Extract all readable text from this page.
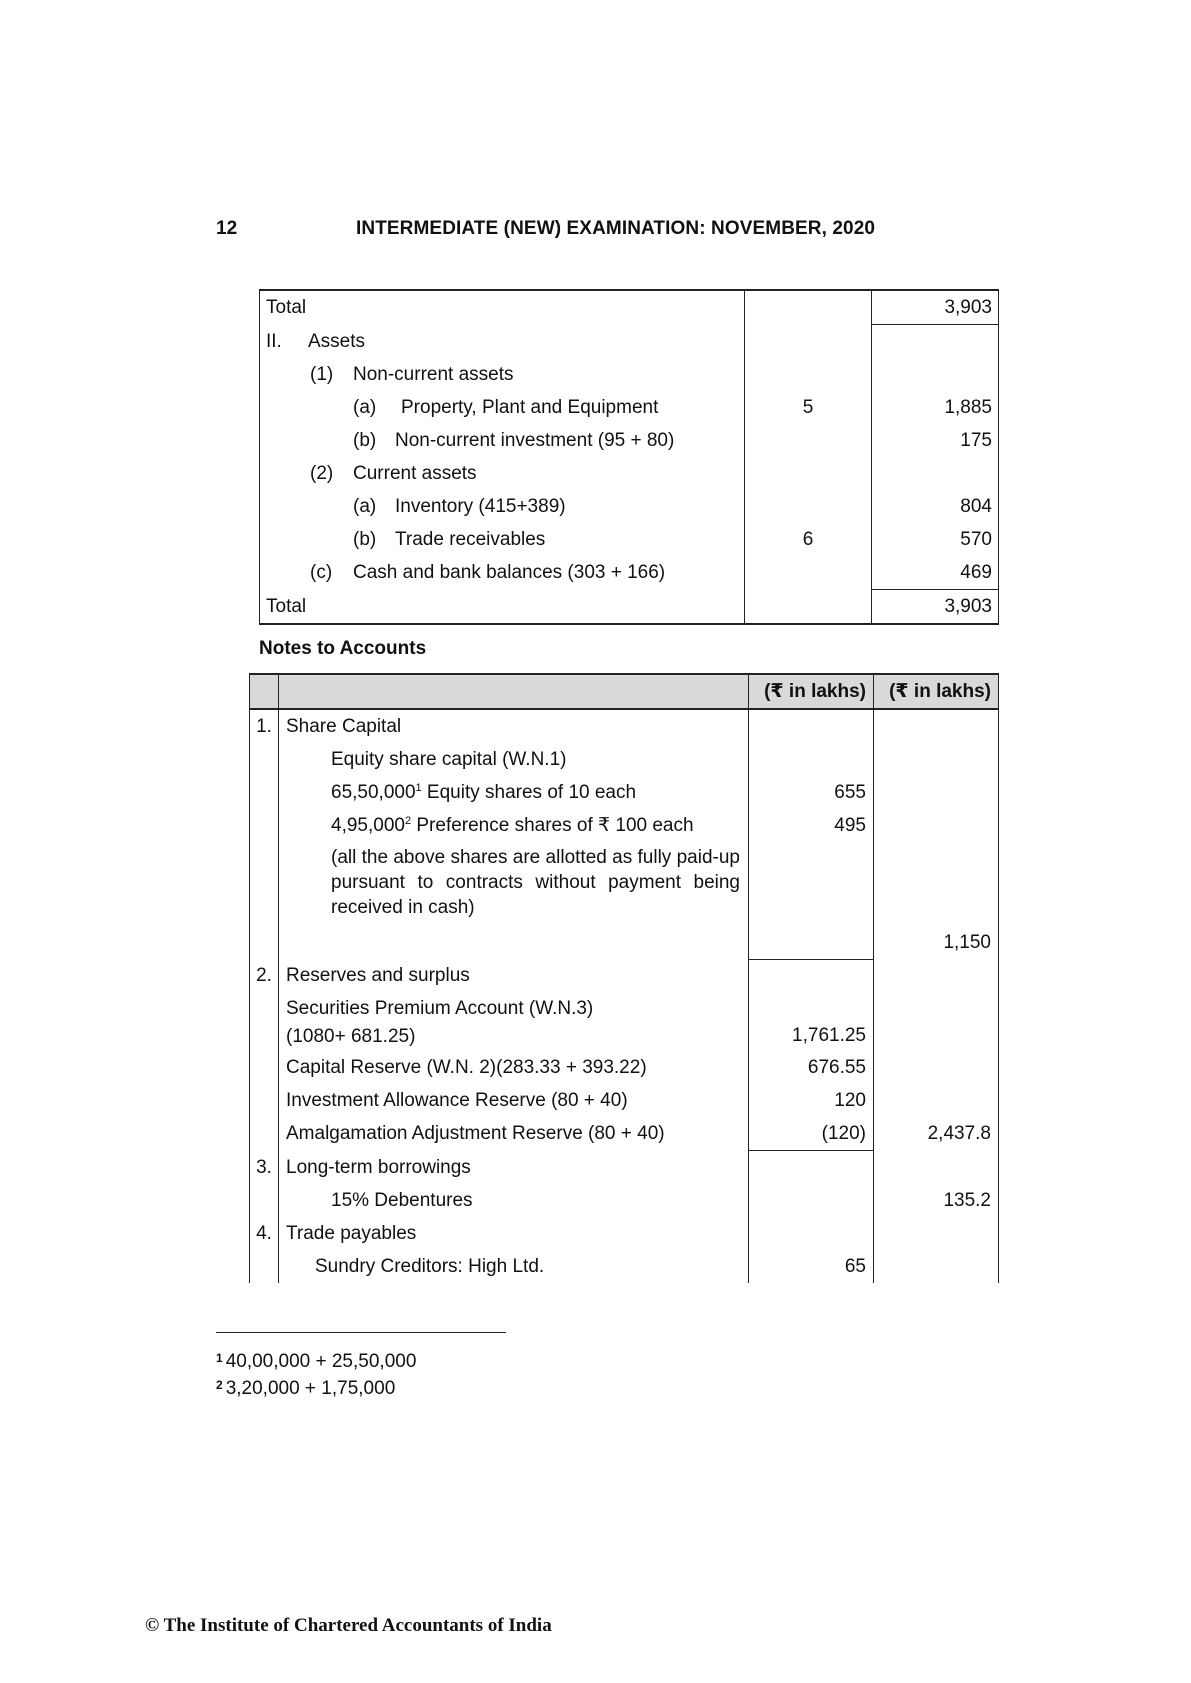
12	INTERMEDIATE (NEW) EXAMINATION: NOVEMBER, 2020
Total		3,903
II. Assets		
(1) Non-current assets		
(a) Property, Plant and Equipment	5	1,885
(b) Non-current investment (95 + 80)		175
(2) Current assets		
(a) Inventory (415+389)		804
(b) Trade receivables	6	570
(c) Cash and bank balances (303 + 166)		469
Total		3,903
Notes to Accounts
		(₹ in lakhs)	(₹ in lakhs)
1.	Share Capital		
	Equity share capital (W.N.1)		
	65,50,000$^1$ Equity shares of 10 each	655	
	4,95,000$^2$ Preference shares of ₹ 100 each	495	
	(all the above shares are allotted as fully paid-up pursuant to contracts without payment being received in cash)		
			1,150
2.	Reserves and surplus		

	Securities Premium Account (W.N.3)
(1080+ 681.25)	1,761.25	
	Capital Reserve (W.N. 2)(283.33 + 393.22)	676.55	
	Investment Allowance Reserve (80 + 40)	120	
	Amalgamation Adjustment Reserve (80 + 40)	(120)	2,437.8
3.	Long-term borrowings		
	15% Debentures		135.2
4.	Trade payables		
	Sundry Creditors: High Ltd.	65	
$^1$ 40,00,000 + 25,50,000
$^2$ 3,20,000 + 1,75,000
© The Institute of Chartered Accountants of India
